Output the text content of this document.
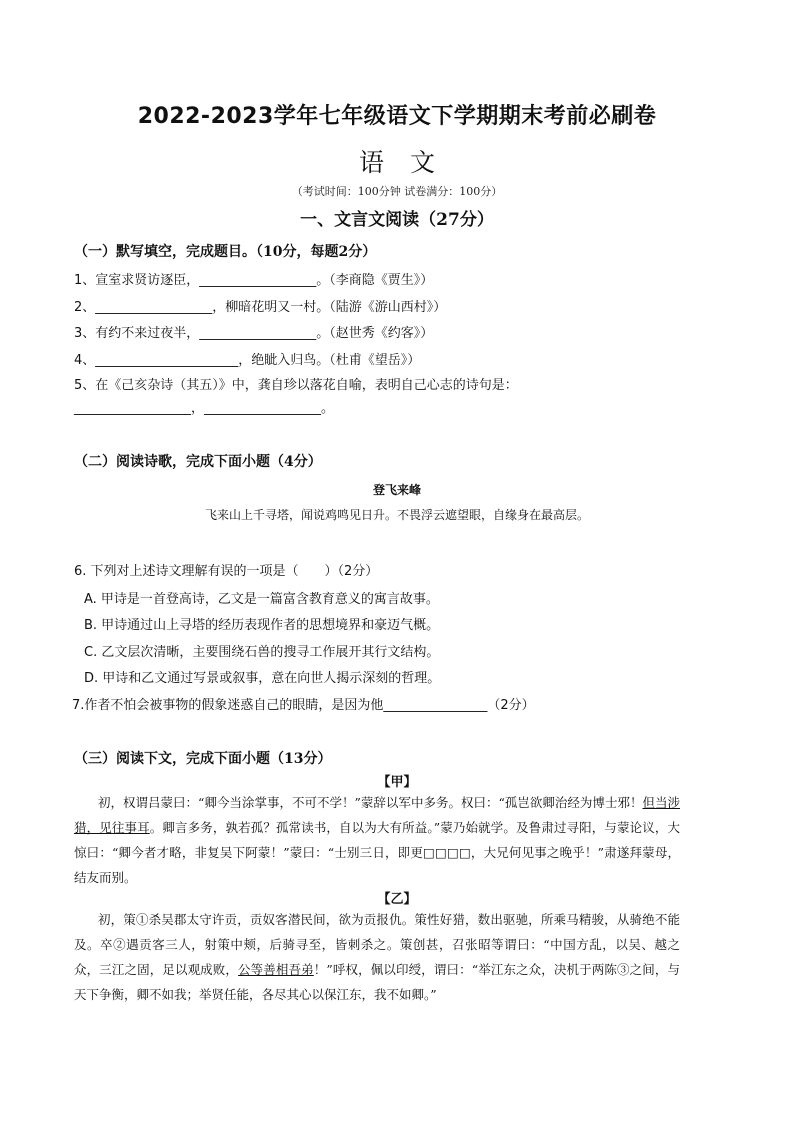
2022-2023学年七年级语文下学期期末考前必刷卷
语文
（考试时间：100分钟 试卷满分：100分）
一、文言文阅读（27分）
（一）默写填空，完成题目。（10分，每题2分）
1、宣室求贤访逐臣，__________________。（李商隐《贾生》）
2、__________________，柳暗花明又一村。（陆游《游山西村》）
3、有约不来过夜半，__________________。（赵世秀《约客》）
4、______________________，绝眦入归鸟。（杜甫《望岳》）
5、在《己亥杂诗（其五）》中，龚自珍以落花自喻，表明自己心志的诗句是：
__________________，__________________。
（二）阅读诗歌，完成下面小题（4分）
登飞来峰
飞来山上千寻塔，闻说鸡鸣见日升。不畏浮云遮望眼，自缘身在最高层。
6. 下列对上述诗文理解有误的一项是（　　）（2分）
A. 甲诗是一首登高诗，乙文是一篇富含教育意义的寓言故事。
B. 甲诗通过山上寻塔的经历表现作者的思想境界和豪迈气概。
C. 乙文层次清晰，主要围绕石兽的搜寻工作展开其行文结构。
D. 甲诗和乙文通过写景或叙事，意在向世人揭示深刻的哲理。
7.作者不怕会被事物的假象迷惑自己的眼睛，是因为他________________（2分）
（三）阅读下文，完成下面小题（13分）
【甲】
初，权谓吕蒙曰：“卿今当涂掌事，不可不学！”蒙辞以军中多务。权曰：“孤岂欲卿治经为博士邪！但当涉猎，见往事耳。卿言多务，孰若孤？孤常读书，自以为大有所益。”蒙乃始就学。及鲁肃过寻阳，与蒙论议，大惊曰：“卿今者才略，非复吴下阿蒙！”蒙曰：“士别三日，即更□□□□，大兄何见事之晚乎！”肃遂拜蒙母，结友而别。
【乙】
初，策①杀吴郡太守许贡，贡奴客潜民间，欲为贡报仇。策性好猎，数出驱驰，所乘马精骏，从骑绝不能及。卒②遇贡客三人，射策中颊，后骑寻至，皆刺杀之。策创甚，召张昭等谓曰：“中国方乱，以吴、越之众，三江之固，足以观成败，公等善相吾弟！”呼权，佩以印绶，谓曰：“举江东之众，决机于两陈③之间，与天下争衡，卿不如我；举贤任能，各尽其心以保江东，我不如卿。”
